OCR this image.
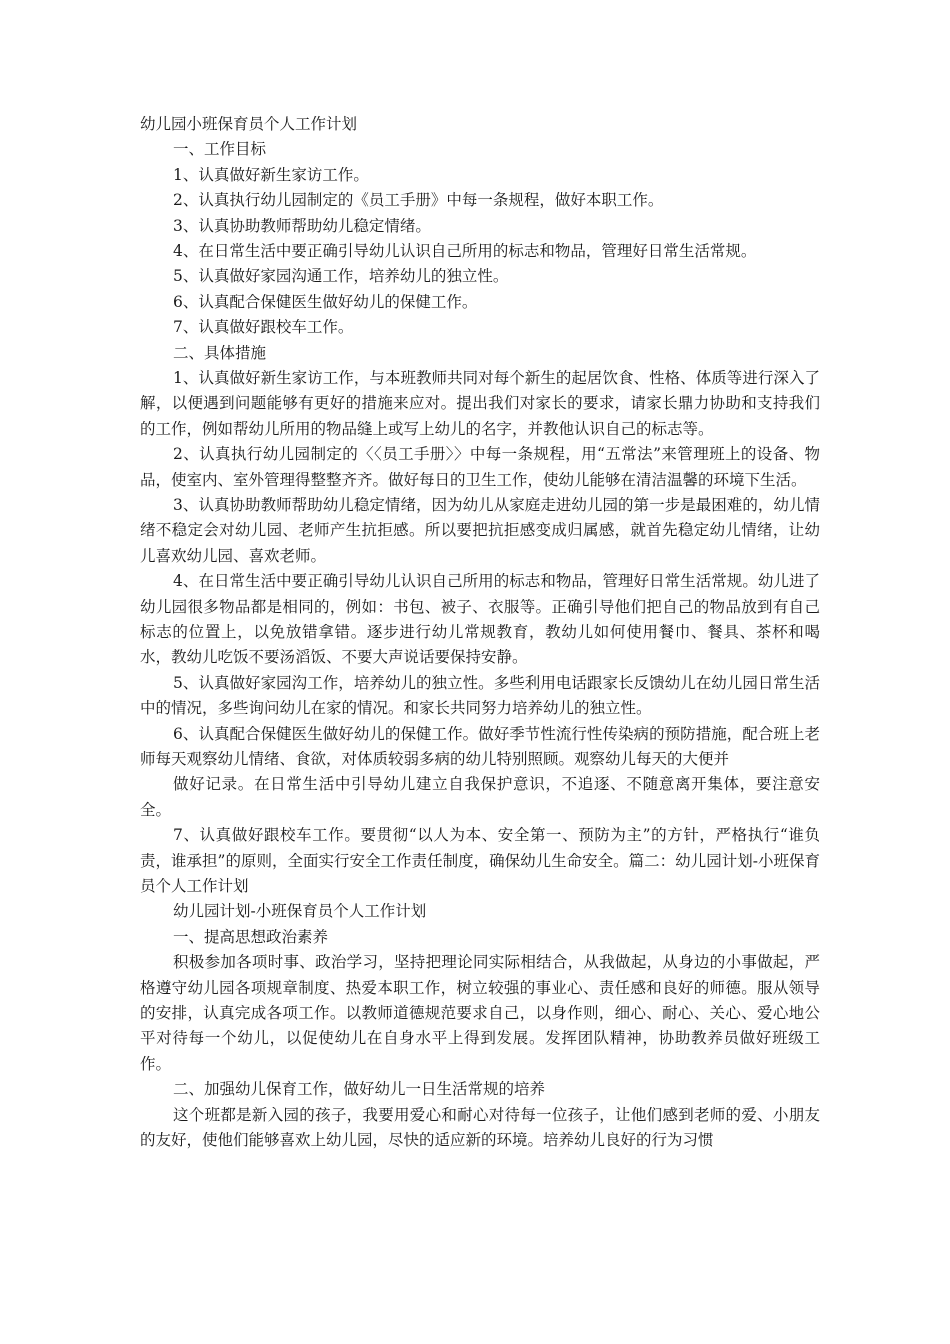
幼儿园小班保育员个人工作计划
一、工作目标
1、认真做好新生家访工作。
2、认真执行幼儿园制定的《员工手册》中每一条规程，做好本职工作。
3、认真协助教师帮助幼儿稳定情绪。
4、在日常生活中要正确引导幼儿认识自己所用的标志和物品，管理好日常生活常规。
5、认真做好家园沟通工作，培养幼儿的独立性。
6、认真配合保健医生做好幼儿的保健工作。
7、认真做好跟校车工作。
二、具体措施
1、认真做好新生家访工作，与本班教师共同对每个新生的起居饮食、性格、体质等进行深入了解，以便遇到问题能够有更好的措施来应对。提出我们对家长的要求，请家长鼎力协助和支持我们的工作，例如帮幼儿所用的物品缝上或写上幼儿的名字，并教他认识自己的标志等。
2、认真执行幼儿园制定的〈〈员工手册〉〉中每一条规程，用“五常法”来管理班上的设备、物品，使室内、室外管理得整整齐齐。做好每日的卫生工作，使幼儿能够在清洁温馨的环境下生活。
3、认真协助教师帮助幼儿稳定情绪，因为幼儿从家庭走进幼儿园的第一步是最困难的，幼儿情绪不稳定会对幼儿园、老师产生抗拒感。所以要把抗拒感变成归属感，就首先稳定幼儿情绪，让幼儿喜欢幼儿园、喜欢老师。
4、在日常生活中要正确引导幼儿认识自己所用的标志和物品，管理好日常生活常规。幼儿进了幼儿园很多物品都是相同的，例如：书包、被子、衣服等。正确引导他们把自己的物品放到有自己标志的位置上，以免放错拿错。逐步进行幼儿常规教育，教幼儿如何使用餐巾、餐具、茶杯和喝水，教幼儿吃饭不要汤滔饭、不要大声说话要保持安静。
5、认真做好家园沟工作，培养幼儿的独立性。多些利用电话跟家长反馈幼儿在幼儿园日常生活中的情况，多些询问幼儿在家的情况。和家长共同努力培养幼儿的独立性。
6、认真配合保健医生做好幼儿的保健工作。做好季节性流行性传染病的预防措施，配合班上老师每天观察幼儿情绪、食欲，对体质较弱多病的幼儿特别照顾。观察幼儿每天的大便并
做好记录。在日常生活中引导幼儿建立自我保护意识，不追逐、不随意离开集体，要注意安全。
7、认真做好跟校车工作。要贯彻“以人为本、安全第一、预防为主”的方针，严格执行“谁负责，谁承担”的原则，全面实行安全工作责任制度，确保幼儿生命安全。篇二：幼儿园计划-小班保育员个人工作计划
幼儿园计划-小班保育员个人工作计划
一、提高思想政治素养
积极参加各项时事、政治学习，坚持把理论同实际相结合，从我做起，从身边的小事做起，严格遵守幼儿园各项规章制度、热爱本职工作，树立较强的事业心、责任感和良好的师德。服从领导的安排，认真完成各项工作。以教师道德规范要求自己，以身作则，细心、耐心、关心、爱心地公平对待每一个幼儿，以促使幼儿在自身水平上得到发展。发挥团队精神，协助教养员做好班级工作。
二、加强幼儿保育工作，做好幼儿一日生活常规的培养
这个班都是新入园的孩子，我要用爱心和耐心对待每一位孩子，让他们感到老师的爱、小朋友的友好，使他们能够喜欢上幼儿园，尽快的适应新的环境。培养幼儿良好的行为习惯
